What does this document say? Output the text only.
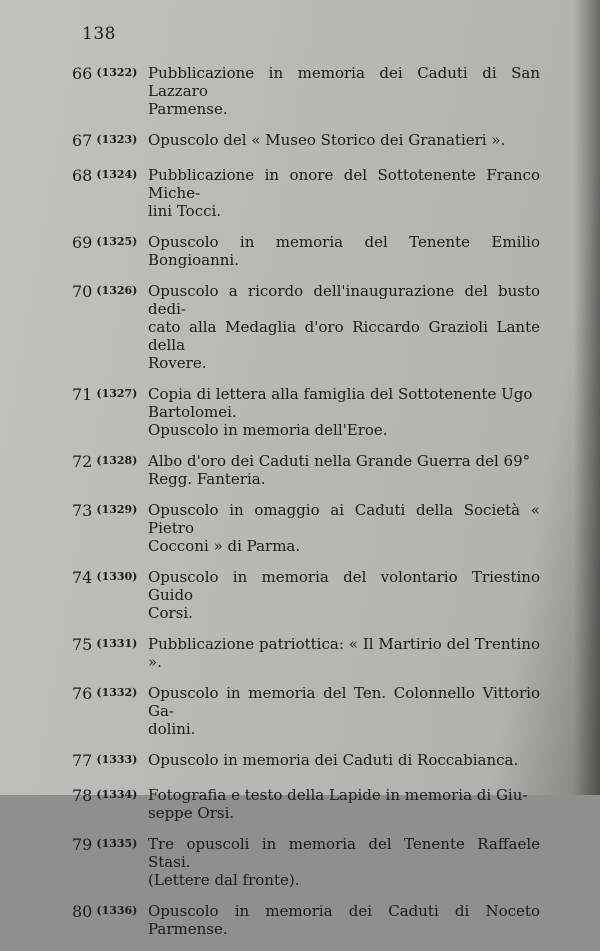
138
66 (1322) Pubblicazione in memoria dei Caduti di San Lazzaro
Parmense.
67 (1323) Opuscolo del « Museo Storico dei Granatieri ».
68 (1324) Pubblicazione in onore del Sottotenente Franco Miche-
lini Tocci.
69 (1325) Opuscolo in memoria del Tenente Emilio Bongioanni.
70 (1326) Opuscolo a ricordo dell'inaugurazione del busto dedi-
cato alla Medaglia d'oro Riccardo Grazioli Lante della
Rovere.
71 (1327) Copia di lettera alla famiglia del Sottotenente Ugo
Bartolomei.
Opuscolo in memoria dell'Eroe.
72 (1328) Albo d'oro dei Caduti nella Grande Guerra del 69°
Regg. Fanteria.
73 (1329) Opuscolo in omaggio ai Caduti della Società « Pietro
Cocconi » di Parma.
74 (1330) Opuscolo in memoria del volontario Triestino Guido
Corsi.
75 (1331) Pubblicazione patriottica: « Il Martirio del Trentino ».
76 (1332) Opuscolo in memoria del Ten. Colonnello Vittorio Ga-
dolini.
77 (1333) Opuscolo in memoria dei Caduti di Roccabianca.
78 (1334) Fotografia e testo della Lapide in memoria di Giu-
seppe Orsi.
79 (1335) Tre opuscoli in memoria del Tenente Raffaele Stasi.
(Lettere dal fronte).
80 (1336) Opuscolo in memoria dei Caduti di Noceto Parmense.
